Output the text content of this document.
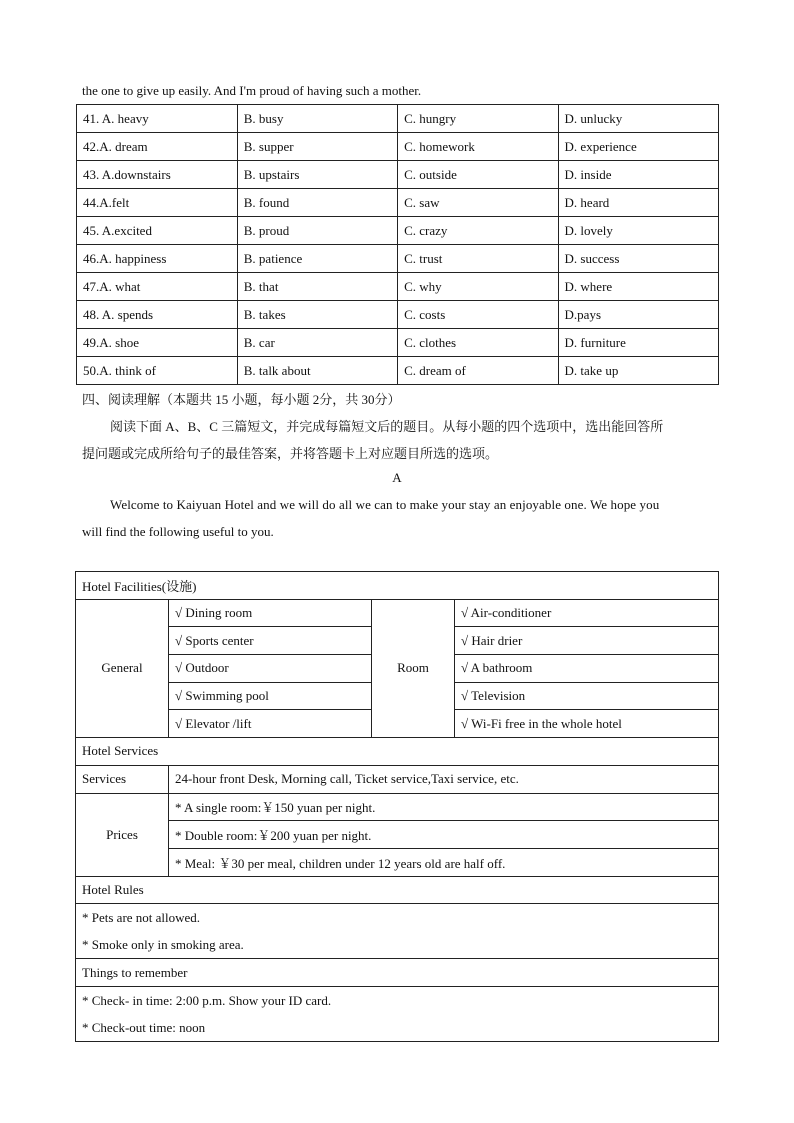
the one to give up easily. And I'm proud of having such a mother.
41. A. heavy	B. busy	C. hungry	D. unlucky
42.A. dream	B. supper	C. homework	D. experience
43. A.downstairs	B. upstairs	C. outside	D. inside
44.A.felt	B. found	C. saw	D. heard
45. A.excited	B. proud	C. crazy	D. lovely
46.A. happiness	B. patience	C. trust	D. success
47.A. what	B. that	C. why	D. where
48. A. spends	B. takes	C. costs	D.pays
49.A. shoe	B. car	C. clothes	D. furniture
50.A. think of	B. talk about	C. dream of	D. take up
四、阅读理解（本题共 15 小题，每小题 2分，共 30分）
阅读下面 A、B、C 三篇短文，并完成每篇短文后的题目。从每小题的四个选项中，选出能回答所
提问题或完成所给句子的最佳答案，并将答题卡上对应题目所选的选项。
A
Welcome to Kaiyuan Hotel and we will do all we can to make your stay an enjoyable one. We hope you
will find the following useful to you.
Hotel Facilities(设施)			
General	√ Dining room	Room	√ Air-conditioner
	√ Sports center		√ Hair drier
	√ Outdoor		√ A bathroom
	√ Swimming pool		√ Television
	√ Elevator /lift		√ Wi-Fi free in the whole hotel
Hotel Services			
Services	24-hour front Desk, Morning call, Ticket service,Taxi service, etc.		
Prices	* A single room:￥150 yuan per night.		
	* Double room:￥200 yuan per night.		
	* Meal: ￥30 per meal, children under 12 years old are half off.		
Hotel Rules			

* Pets are not allowed.
* Smoke only in smoking area.			

Things to remember			

* Check- in time: 2:00 p.m. Show your ID card.
* Check-out time: noon			
